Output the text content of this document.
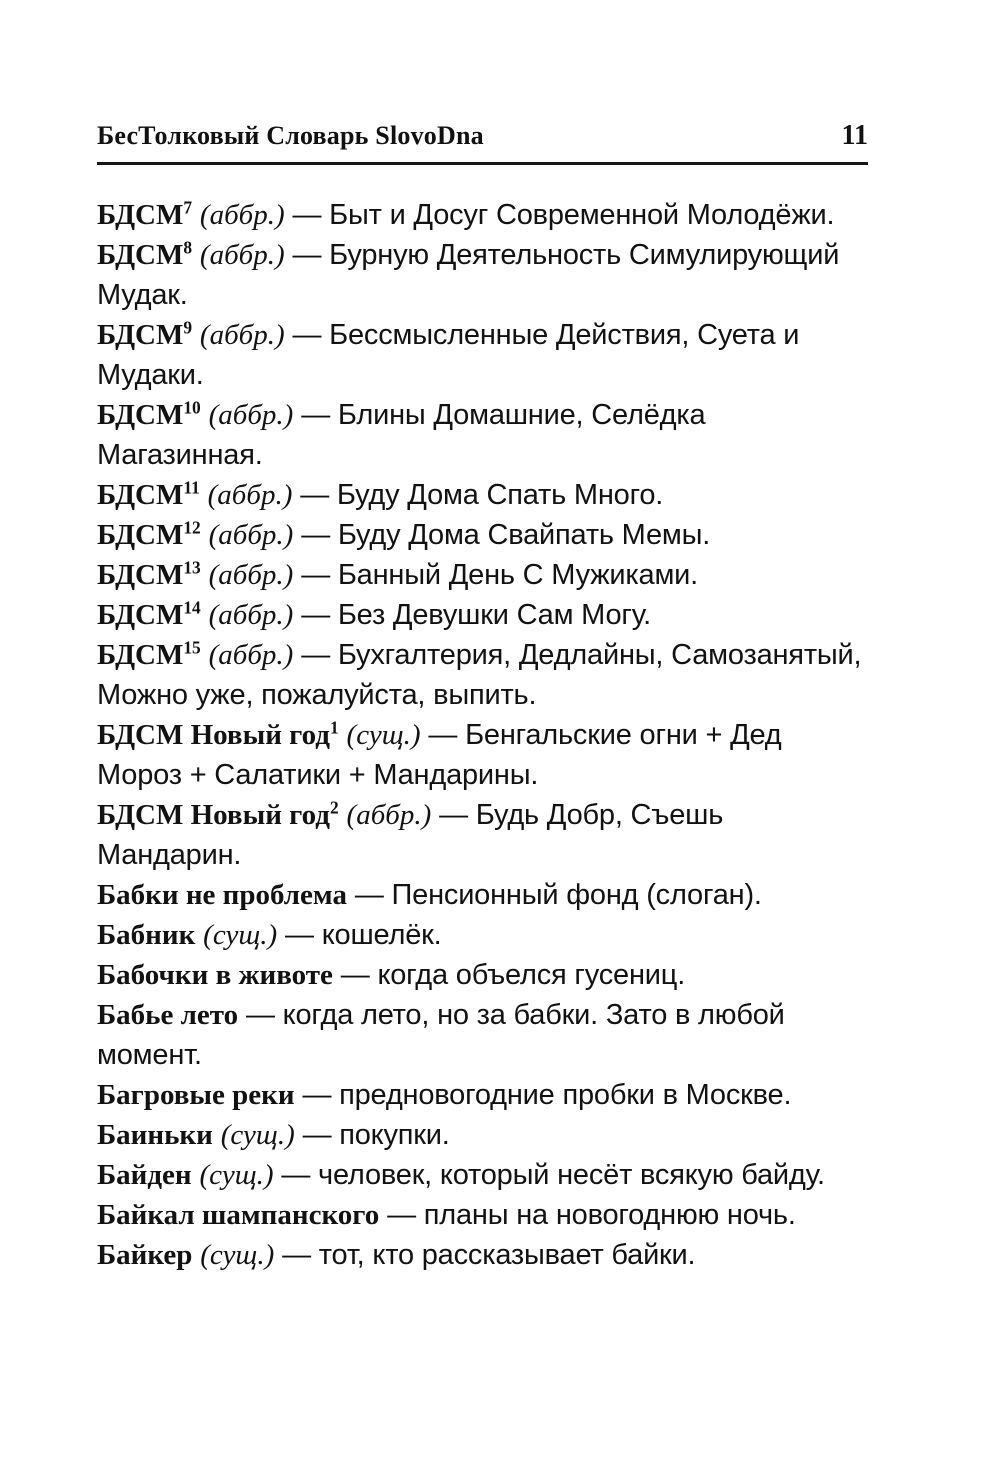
БесТолковый Словарь SlovoDna	11

БДСМ$^7$ (аббр.) — Быт и Досуг Современной Молодёжи.

БДСМ$^8$ (аббр.) — Бурную Деятельность Симулирующий Мудак.

БДСМ$^9$ (аббр.) — Бессмысленные Действия, Суета и Мудаки.

БДСМ$^{10}$ (аббр.) — Блины Домашние, Селёдка Магазинная.

БДСМ$^{11}$ (аббр.) — Буду Дома Спать Много.

БДСМ$^{12}$ (аббр.) — Буду Дома Свайпать Мемы.

БДСМ$^{13}$ (аббр.) — Банный День С Мужиками.

БДСМ$^{14}$ (аббр.) — Без Девушки Сам Могу.

БДСМ$^{15}$ (аббр.) — Бухгалтерия, Дедлайны, Самозанятый, Можно уже, пожалуйста, выпить.

БДСМ Новый год$^1$ (сущ.) — Бенгальские огни + Дед Мороз + Салатики + Мандарины.

БДСМ Новый год$^2$ (аббр.) — Будь Добр, Съешь Мандарин.

Бабки не проблема — Пенсионный фонд (слоган).

Бабник (сущ.) — кошелёк.

Бабочки в животе — когда объелся гусениц.

Бабье лето — когда лето, но за бабки. Зато в любой момент.

Багровые реки — предновогодние пробки в Москве.

Баиньки (сущ.) — покупки.

Байден (сущ.) — человек, который несёт всякую байду.

Байкал шампанского — планы на новогоднюю ночь.

Байкер (сущ.) — тот, кто рассказывает байки.
